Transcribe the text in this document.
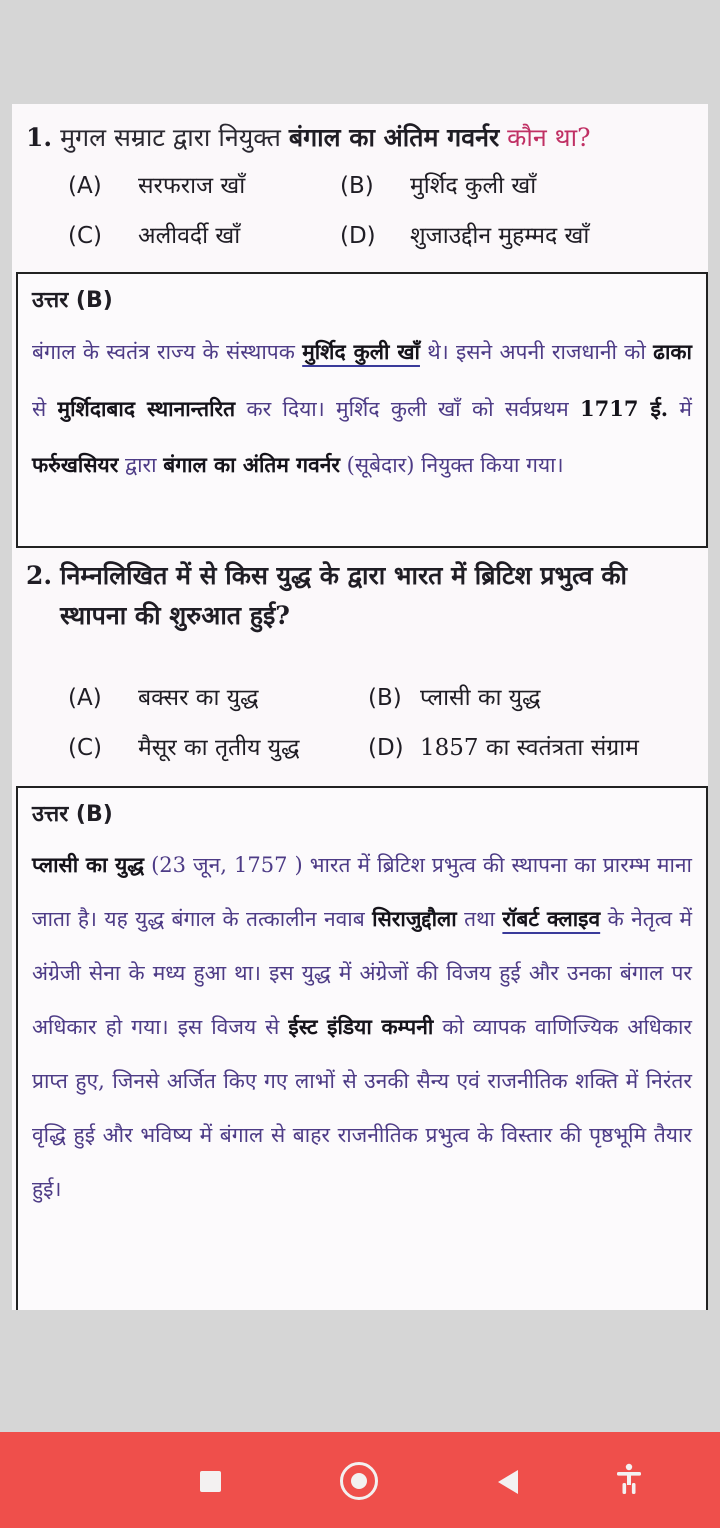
1. मुगल सम्राट द्वारा नियुक्त बंगाल का अंतिम गवर्नर कौन था?
(A) सरफराज खाँ	(B) मुर्शिद कुली खाँ
(C) अलीवर्दी खाँ	(D) शुजाउद्दीन मुहम्मद खाँ
उत्तर (B)
बंगाल के स्वतंत्र राज्य के संस्थापक मुर्शिद कुली खाँ थे। इसने अपनी राजधानी को ढाका से मुर्शिदाबाद स्थानान्तरित कर दिया। मुर्शिद कुली खाँ को सर्वप्रथम 1717 ई. में फर्रुखसियर द्वारा बंगाल का अंतिम गवर्नर (सूबेदार) नियुक्त किया गया।
2. निम्नलिखित में से किस युद्ध के द्वारा भारत में ब्रिटिश प्रभुत्व की स्थापना की शुरुआत हुई?
(A) बक्सर का युद्ध	(B) प्लासी का युद्ध
(C) मैसूर का तृतीय युद्ध	(D) 1857 का स्वतंत्रता संग्राम
उत्तर (B)
प्लासी का युद्ध (23 जून, 1757 ) भारत में ब्रिटिश प्रभुत्व की स्थापना का प्रारम्भ माना जाता है। यह युद्ध बंगाल के तत्कालीन नवाब सिराजुद्दौला तथा रॉबर्ट क्लाइव के नेतृत्व में अंग्रेजी सेना के मध्य हुआ था। इस युद्ध में अंग्रेजों की विजय हुई और उनका बंगाल पर अधिकार हो गया। इस विजय से ईस्ट इंडिया कम्पनी को व्यापक वाणिज्यिक अधिकार प्राप्त हुए, जिनसे अर्जित किए गए लाभों से उनकी सैन्य एवं राजनीतिक शक्ति में निरंतर वृद्धि हुई और भविष्य में बंगाल से बाहर राजनीतिक प्रभुत्व के विस्तार की पृष्ठभूमि तैयार हुई।
